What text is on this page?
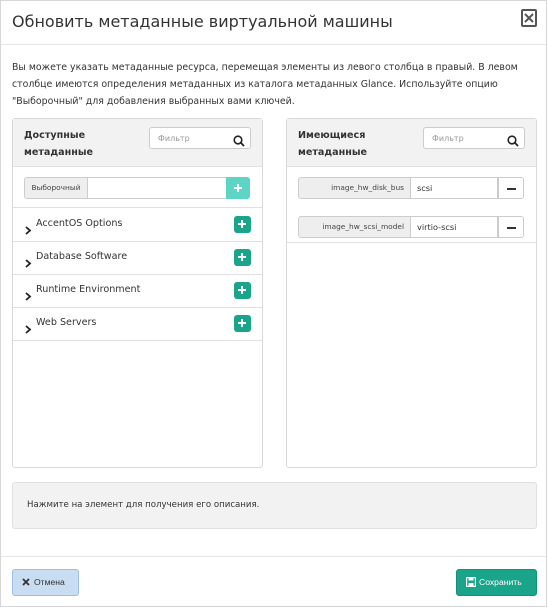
Обновить метаданные виртуальной машины

Вы можете указать метаданные ресурса, перемещая элементы из левого столбца в правый. В левом столбце имеются определения метаданных из каталога метаданных Glance. Используйте опцию "Выборочный" для добавления выбранных вами ключей.

Доступные метаданные
Фильтр
Выборочный
AccentOS Options
Database Software
Runtime Environment
Web Servers
Имеющиеся метаданные
Фильтр
image_hw_disk_bus
scsi
image_hw_scsi_model
virtio-scsi
Нажмите на элемент для получения его описания.
Отмена	Сохранить
